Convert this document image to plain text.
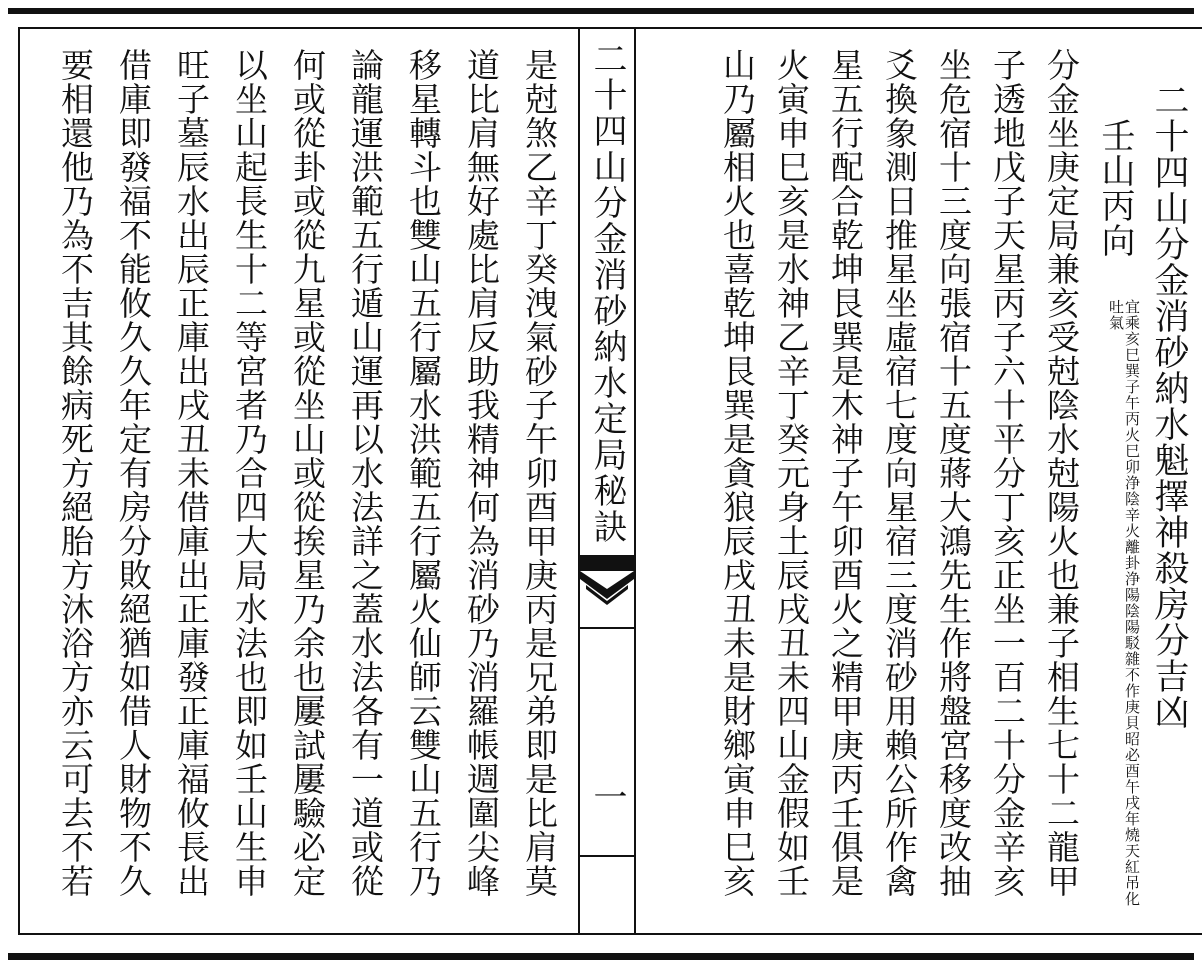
二十四山分金消砂納水定局秘訣
一
二十四山分金消砂納水魁擇神殺房分吉凶
壬山丙向 宜乘亥巳巽子午丙火巳卯浄陰辛火離卦浄陽陰陽駁雜不作庚貝昭必酉午戌年燒天紅吊化吐氣
分金坐庚定局兼亥受尅陰水尅陽火也兼子相生七十二龍甲
子透地戊子天星丙子六十平分丁亥正坐一百二十分金辛亥
坐危宿十三度向張宿十五度蔣大鴻先生作將盤宮移度改抽
爻換象測日推星坐虛宿七度向星宿三度消砂用賴公所作禽
星五行配合乾坤艮巽是木神子午卯酉火之精甲庚丙壬俱是
火寅申巳亥是水神乙辛丁癸元身土辰戌丑未四山金假如壬
山乃屬相火也喜乾坤艮巽是貪狼辰戌丑未是財鄉寅申巳亥
是尅煞乙辛丁癸洩氣砂子午卯酉甲庚丙是兄弟即是比肩莫
道比肩無好處比肩反助我精神何為消砂乃消羅帳週圍尖峰
移星轉斗也雙山五行屬水洪範五行屬火仙師云雙山五行乃
論龍運洪範五行遁山運再以水法詳之蓋水法各有一道或從
何或從卦或從九星或從坐山或從挨星乃余也屢試屢驗必定
以坐山起長生十二等宮者乃合四大局水法也即如壬山生申
旺子墓辰水出辰正庫出戌丑未借庫出正庫發正庫福攸長出
借庫即發福不能攸久久年定有房分敗絕猶如借人財物不久
要相還他乃為不吉其餘病死方絕胎方沐浴方亦云可去不若
